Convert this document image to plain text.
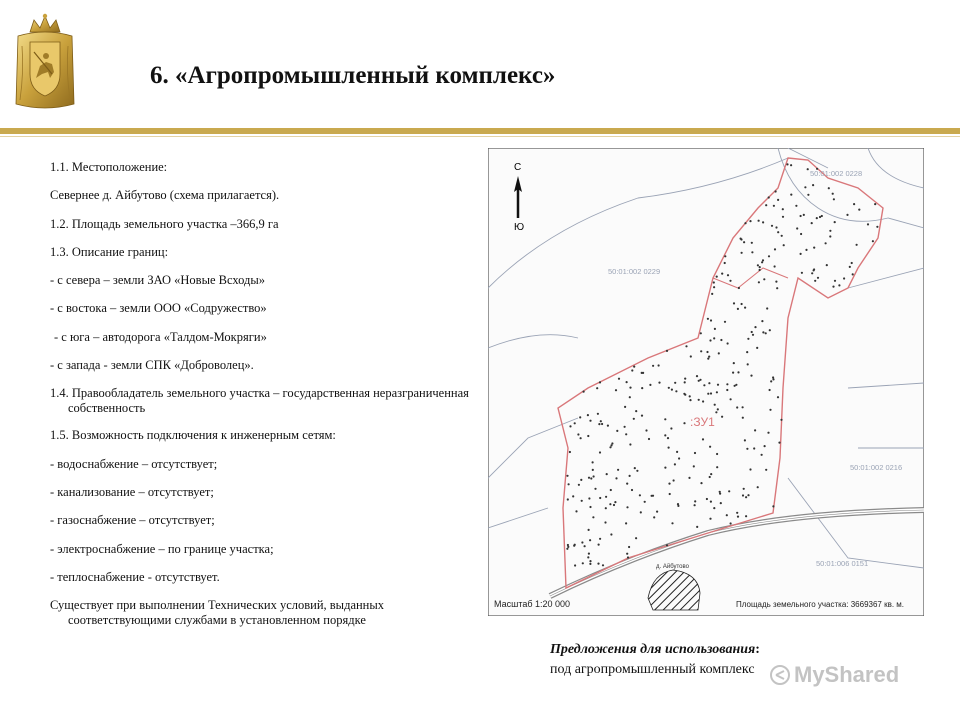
6. «Агропромышленный комплекс»
1.1. Местоположение:
Севернее д. Айбутово (схема прилагается).
1.2. Площадь земельного участка –366,9 га
1.3. Описание границ:
- с севера – земли ЗАО «Новые Всходы»
- с востока – земли ООО «Содружество»
- с юга – автодорога «Талдом-Мокряги»
- с запада - земли СПК «Доброволец».
1.4. Правообладатель земельного участка – государственная неразграниченная собственность
1.5. Возможность подключения к инженерным сетям:
- водоснабжение – отсутствует;
- канализование – отсутствует;
- газоснабжение – отсутствует;
- электроснабжение – по границе участка;
- теплоснабжение - отсутствует.
Существует при выполнении Технических условий, выданных соответствующими службами в установленном порядке
С
Ю
50:01:002 0228
50:01:002 0229
50:01:002 0216
50:01:006 0151
:ЗУ1
д. Айбутово
Масштаб 1:20 000	Площадь земельного участка: 3669367 кв. м.
Предложения для использования:
под агропромышленный комплекс MyShared
